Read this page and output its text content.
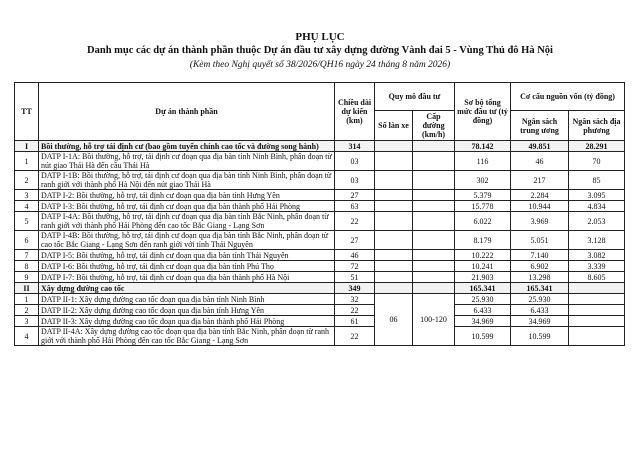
PHỤ LỤC
Danh mục các dự án thành phần thuộc Dự án đầu tư xây dựng đường Vành đai 5 - Vùng Thủ đô Hà Nội
(Kèm theo Nghị quyết số 38/2026/QH16 ngày 24 tháng 8 năm 2026)
TT	Dự án thành phần	Chiều dài dự kiến (km)	Quy mô đầu tư		Sơ bộ tổng mức đầu tư (tỷ đồng)	Cơ cấu nguồn vốn (tỷ đồng)	
			Số làn xe	Cấp đường (km/h)		Ngân sách trung ương	Ngân sách địa phương
I	Bồi thường, hỗ trợ tái định cư (bao gồm tuyến chính cao tốc và đường song hành)	314			78.142	49.851	28.291
1	DATP I-1A: Bồi thường, hỗ trợ, tái định cư đoạn qua địa bàn tỉnh Ninh Bình, phân đoạn từ nút giao Thái Hà đến cầu Thái Hà	03			116	46	70
2	DATP I-1B: Bồi thường, hỗ trợ, tái định cư đoạn qua địa bàn tỉnh Ninh Bình, phân đoạn từ ranh giới với thành phố Hà Nội đến nút giao Thái Hà	03			302	217	85
3	DATP I-2: Bồi thường, hỗ trợ, tái định cư đoạn qua địa bàn tỉnh Hưng Yên	27			5.379	2.284	3.095
4	DATP I-3: Bồi thường, hỗ trợ, tái định cư đoạn qua địa bàn thành phố Hải Phòng	63			15.778	10.944	4.834
5	DATP I-4A: Bồi thường, hỗ trợ, tái định cư đoạn qua địa bàn tỉnh Bắc Ninh, phân đoạn từ ranh giới với thành phố Hải Phòng đến cao tốc Bắc Giang - Lạng Sơn	22			6.022	3.969	2.053
6	DATP I-4B: Bồi thường, hỗ trợ, tái định cư đoạn qua địa bàn tỉnh Bắc Ninh, phân đoạn từ cao tốc Bắc Giang - Lạng Sơn đến ranh giới với tỉnh Thái Nguyên	27			8.179	5.051	3.128
7	DATP I-5: Bồi thường, hỗ trợ, tái định cư đoạn qua địa bàn tỉnh Thái Nguyên	46			10.222	7.140	3.082
8	DATP I-6: Bồi thường, hỗ trợ, tái định cư đoạn qua địa bàn tỉnh Phú Thọ	72			10.241	6.902	3.339
9	DATP I-7: Bồi thường, hỗ trợ, tái định cư đoạn qua địa bàn thành phố Hà Nội	51			21.903	13.298	8.605
II	Xây dựng đường cao tốc	349			165.341	165.341	
1	DATP II-1: Xây dựng đường cao tốc đoạn qua địa bàn tỉnh Ninh Bình	32	06	100-120	25.930	25.930	
2	DATP II-2: Xây dựng đường cao tốc đoạn qua địa bàn tỉnh Hưng Yên	22			6.433	6.433	
3	DATP II-3: Xây dựng đường cao tốc đoạn qua địa bàn thành phố Hải Phòng	61			34.969	34.969	
4	DATP II-4A: Xây dựng đường cao tốc đoạn qua địa bàn tỉnh Bắc Ninh, phân đoạn từ ranh giới với thành phố Hải Phòng đến cao tốc Bắc Giang - Lạng Sơn	22			10.599	10.599	
